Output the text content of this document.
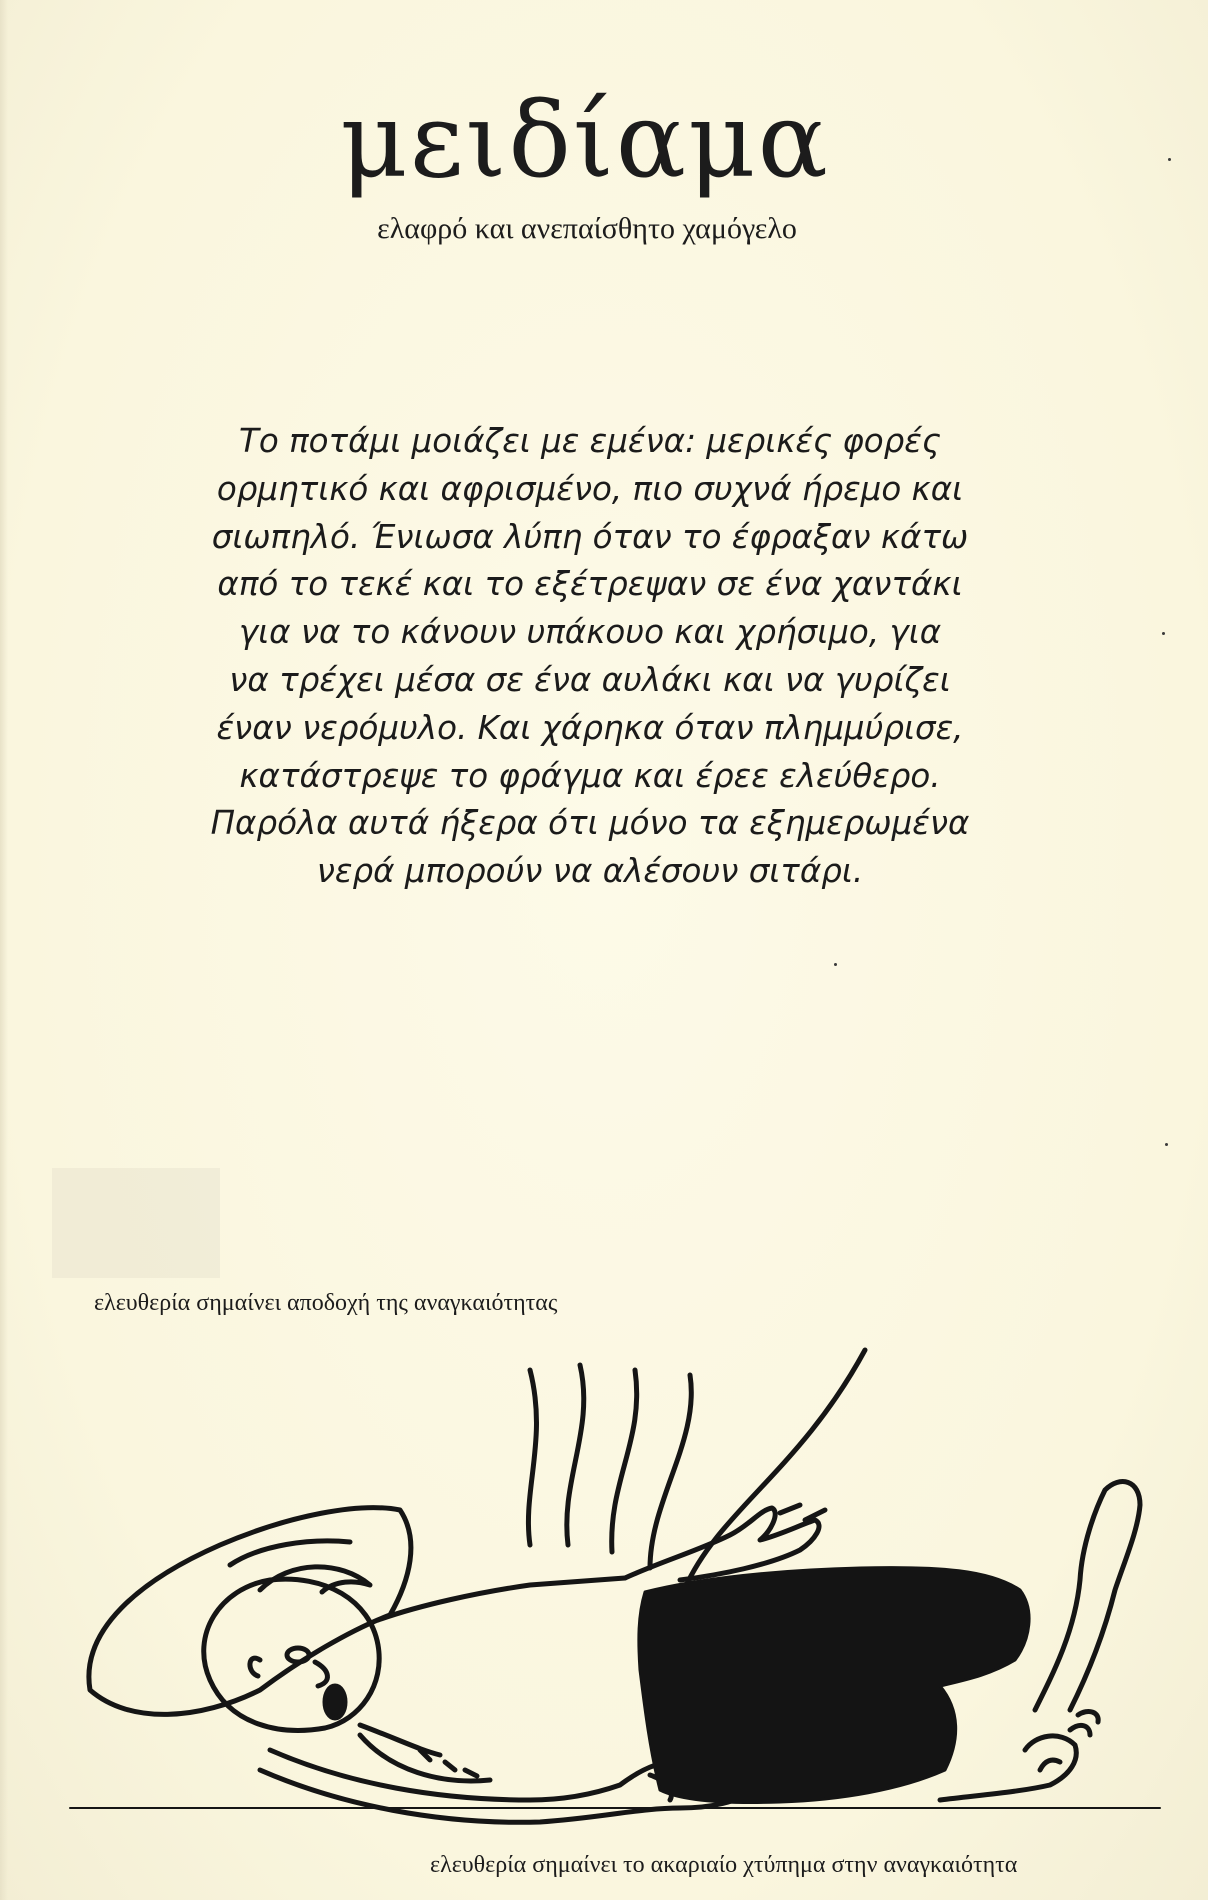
μειδίαμα
ελαφρό και ανεπαίσθητο χαμόγελο
Το ποτάμι μοιάζει με εμένα: μερικές φορές
ορμητικό και αφρισμένο, πιο συχνά ήρεμο και
σιωπηλό. Ένιωσα λύπη όταν το έφραξαν κάτω
από το τεκέ και το εξέτρεψαν σε ένα χαντάκι
για να το κάνουν υπάκουο και χρήσιμο, για
να τρέχει μέσα σε ένα αυλάκι και να γυρίζει
έναν νερόμυλο. Και χάρηκα όταν πλημμύρισε,
κατάστρεψε το φράγμα και έρεε ελεύθερο.
Παρόλα αυτά ήξερα ότι μόνο τα εξημερωμένα
νερά μπορούν να αλέσουν σιτάρι.
ελευθερία σημαίνει αποδοχή της αναγκαιότητας
ελευθερία σημαίνει το ακαριαίο χτύπημα στην αναγκαιότητα
